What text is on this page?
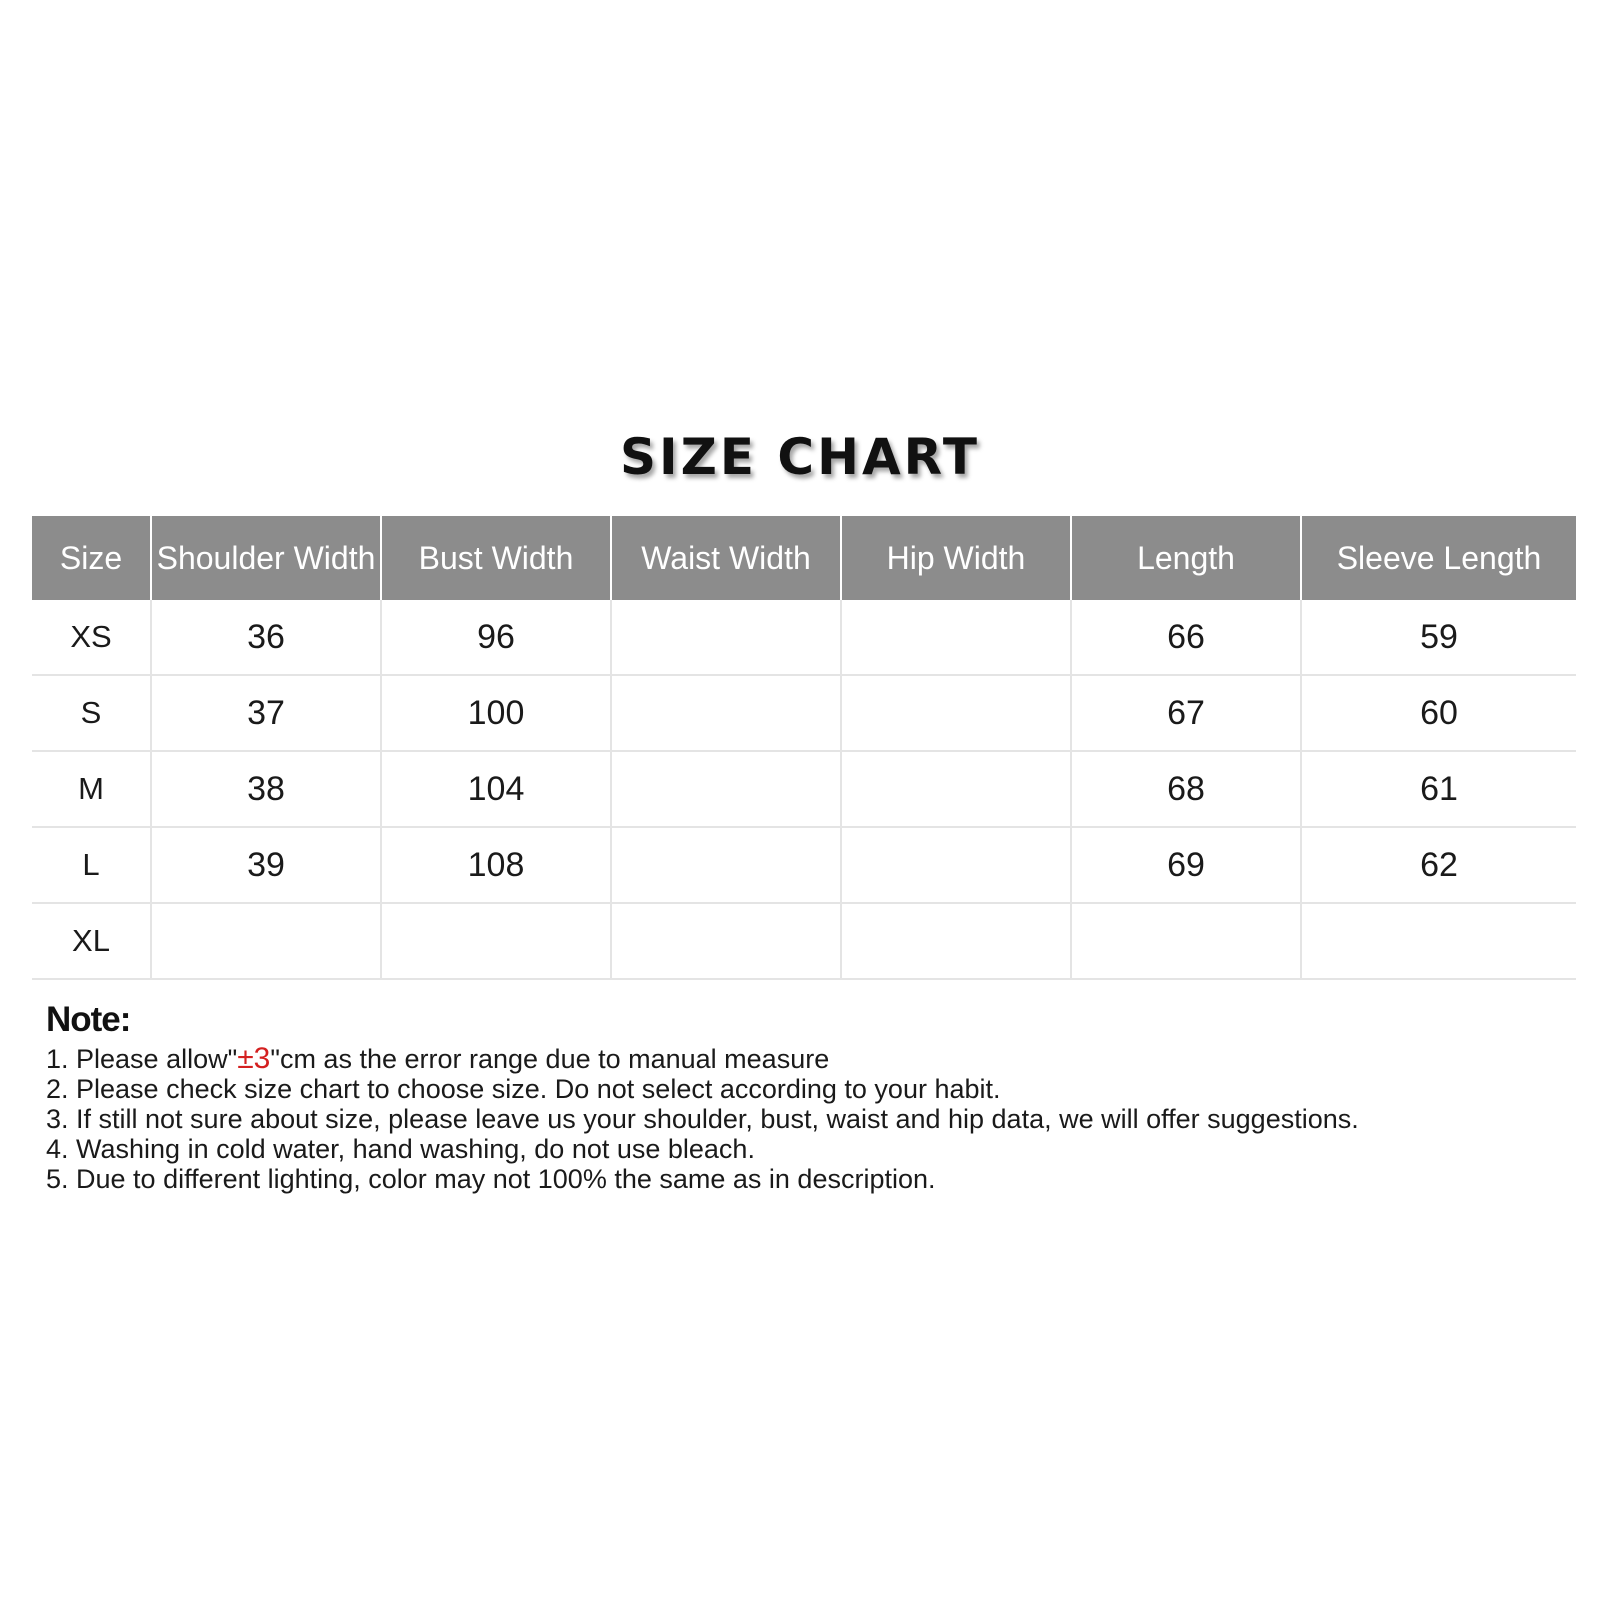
SIZE CHART
Size	Shoulder Width	Bust Width	Waist Width	Hip Width	Length	Sleeve Length
XS	36	96			66	59
S	37	100			67	60
M	38	104			68	61
L	39	108			69	62
XL						
Note:
1. Please allow"±3"cm as the error range due to manual measure
2. Please check size chart to choose size. Do not select according to your habit.
3. If still not sure about size, please leave us your shoulder, bust, waist and hip data, we will offer suggestions.
4. Washing in cold water, hand washing, do not use bleach.
5. Due to different lighting, color may not 100% the same as in description.
